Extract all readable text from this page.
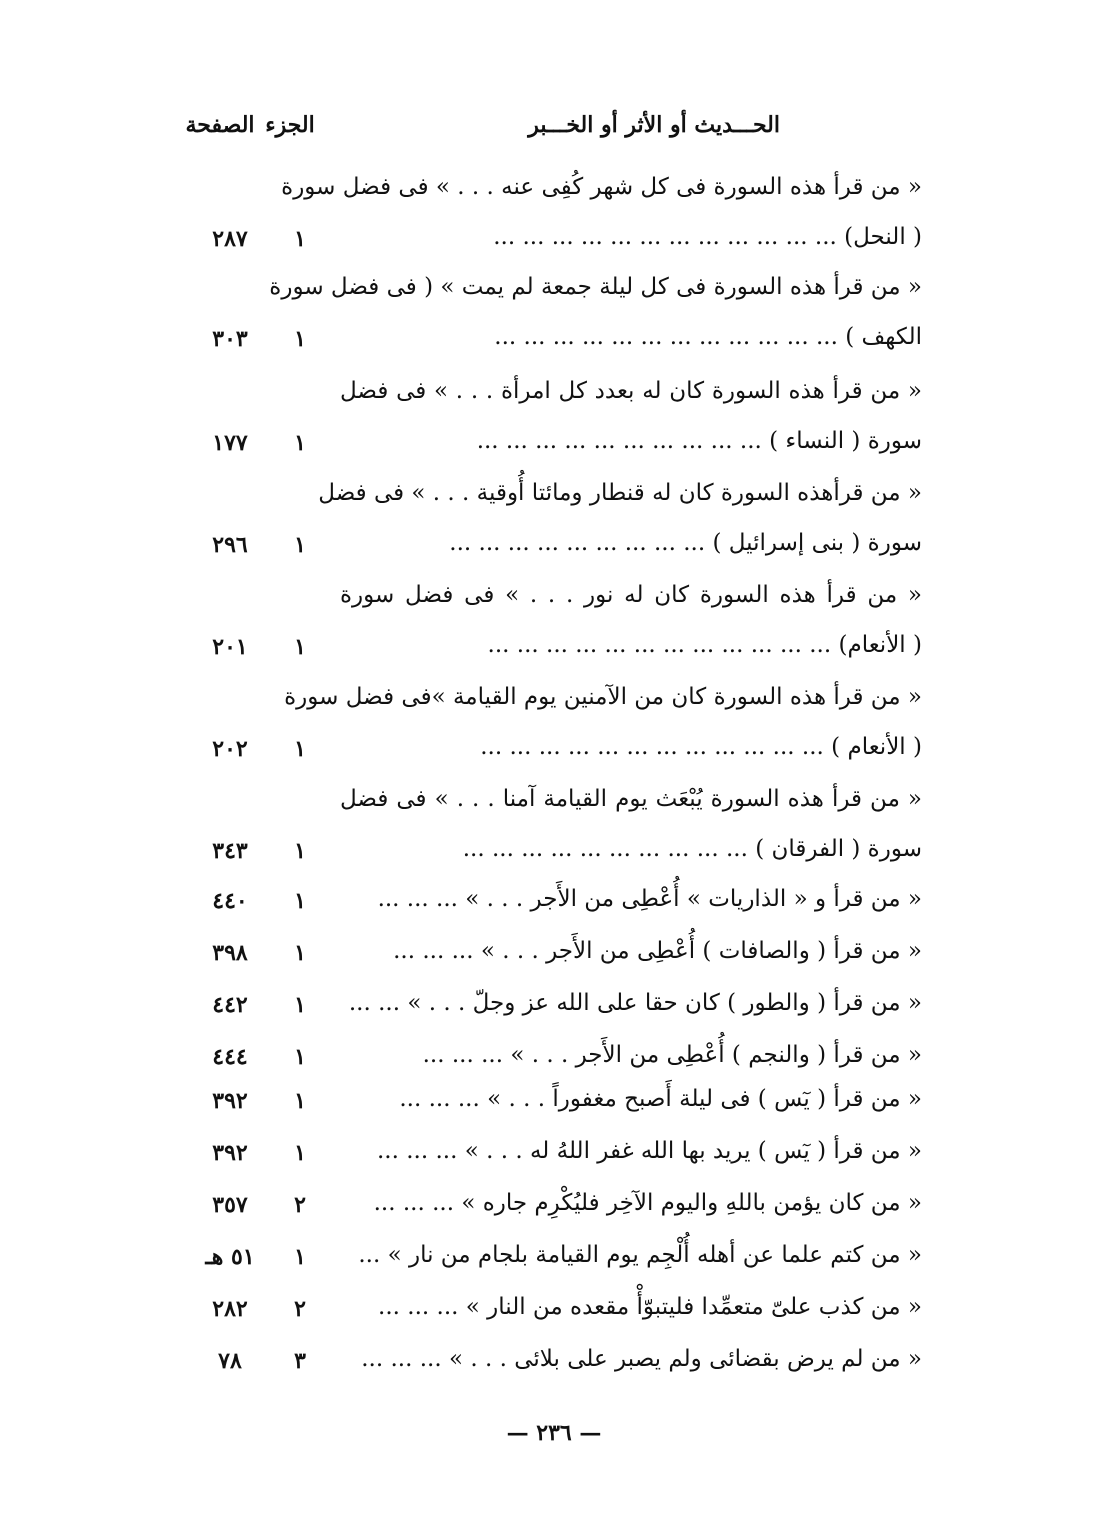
الحـــديث أو الأثر أو الخـــبر
الجزء
الصفحة
« من قرأ هذه السورة فى كل شهر كُفِى عنه . . . » فى فضل سورة
( النحل) ... ... ... ... ... ... ... ... ... ... ... ...
١
٢٨٧
« من قرأ هذه السورة فى كل ليلة جمعة لم يمت » ( فى فضل سورة
الكهف ) ... ... ... ... ... ... ... ... ... ... ... ...
١
٣٠٣
« من قرأ هذه السورة كان له بعدد كل امرأة . . . » فى فضل
سورة ( النساء ) ... ... ... ... ... ... ... ... ... ...
١
١٧٧
« من قرأهذه السورة كان له قنطار ومائتا أُوقية . . . » فى فضل
سورة ( بنى إسرائيل ) ... ... ... ... ... ... ... ... ...
١
٢٩٦
« من قرأ هذه السورة كان له نور . . . » فى فضل سورة
( الأنعام) ... ... ... ... ... ... ... ... ... ... ... ...
١
٢٠١
« من قرأ هذه السورة كان من الآمنين يوم القيامة »فى فضل سورة
( الأنعام ) ... ... ... ... ... ... ... ... ... ... ... ...
١
٢٠٢
« من قرأ هذه السورة يُبْعَث يوم القيامة آمنا . . . » فى فضل
سورة ( الفرقان ) ... ... ... ... ... ... ... ... ... ...
١
٣٤٣
« من قرأ و « الذاريات » أُعْطِى من الأَجر . . . » ... ... ...
١
٤٤٠
« من قرأ ( والصافات ) أُعْطِى من الأَجر . . . » ... ... ...
١
٣٩٨
« من قرأ ( والطور ) كان حقا على الله عز وجلّ . . . » ... ...
١
٤٤٢
« من قرأ ( والنجم ) أُعْطِى من الأَجر . . . » ... ... ...
١
٤٤٤
« من قرأ ( يٓس ) فى ليلة أَصبح مغفوراً . . . » ... ... ...
١
٣٩٢
« من قرأ ( يٓس ) يريد بها الله غفر اللهُ له . . . » ... ... ...
١
٣٩٢
« من كان يؤمن باللهِ واليوم الآخِر فليُكْرِم جاره » ... ... ...
٢
٣٥٧
« من كتم علما عن أهله أُلْجِم يوم القيامة بلجام من نار » ...
١
٥١ هـ
« من كذب علىّ متعمِّدا فليتبوّأْ مقعده من النار » ... ... ...
٢
٢٨٢
« من لم يرض بقضائى ولم يصبر على بلائى . . . » ... ... ...
٣
٧٨
— ٢٣٦ —
